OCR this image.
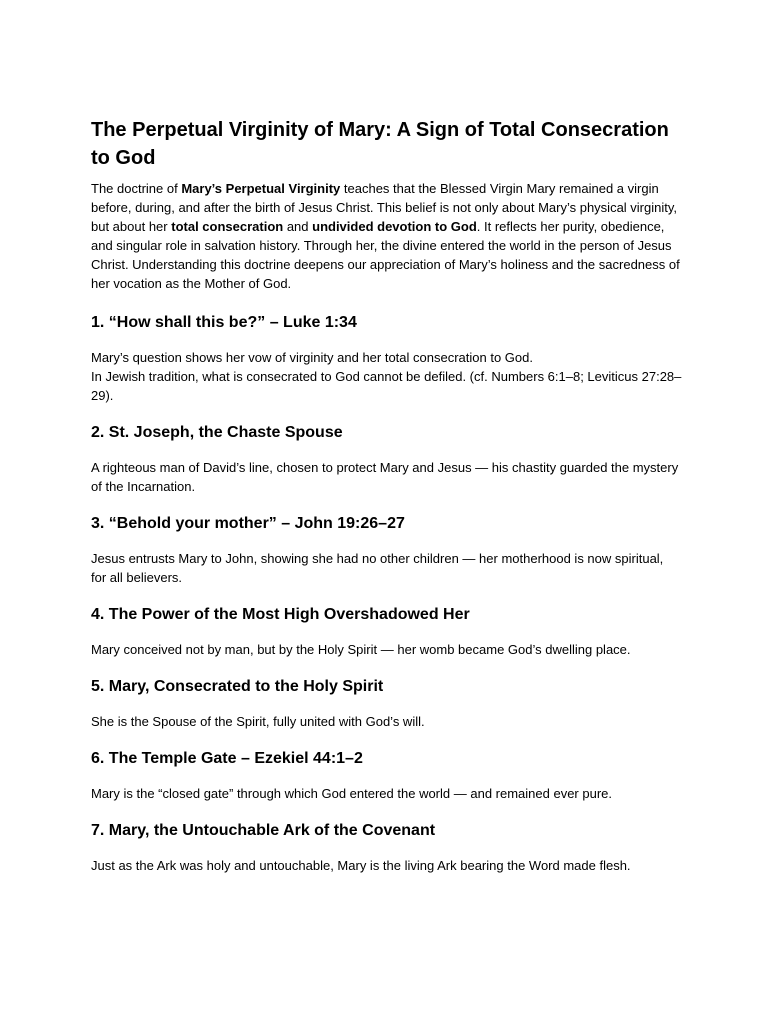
The Perpetual Virginity of Mary: A Sign of Total Consecration to God

The doctrine of Mary’s Perpetual Virginity teaches that the Blessed Virgin Mary remained a virgin before, during, and after the birth of Jesus Christ. This belief is not only about Mary’s physical virginity, but about her total consecration and undivided devotion to God. It reflects her purity, obedience, and singular role in salvation history. Through her, the divine entered the world in the person of Jesus Christ. Understanding this doctrine deepens our appreciation of Mary’s holiness and the sacredness of her vocation as the Mother of God.

1. “How shall this be?” – Luke 1:34

Mary’s question shows her vow of virginity and her total consecration to God.
In Jewish tradition, what is consecrated to God cannot be defiled. (cf. Numbers 6:1–8; Leviticus 27:28–29).

2. St. Joseph, the Chaste Spouse

A righteous man of David’s line, chosen to protect Mary and Jesus — his chastity guarded the mystery of the Incarnation.

3. “Behold your mother” – John 19:26–27

Jesus entrusts Mary to John, showing she had no other children — her motherhood is now spiritual, for all believers.

4. The Power of the Most High Overshadowed Her

Mary conceived not by man, but by the Holy Spirit — her womb became God’s dwelling place.

5. Mary, Consecrated to the Holy Spirit

She is the Spouse of the Spirit, fully united with God’s will.

6. The Temple Gate – Ezekiel 44:1–2

Mary is the “closed gate” through which God entered the world — and remained ever pure.

7. Mary, the Untouchable Ark of the Covenant

Just as the Ark was holy and untouchable, Mary is the living Ark bearing the Word made flesh.
